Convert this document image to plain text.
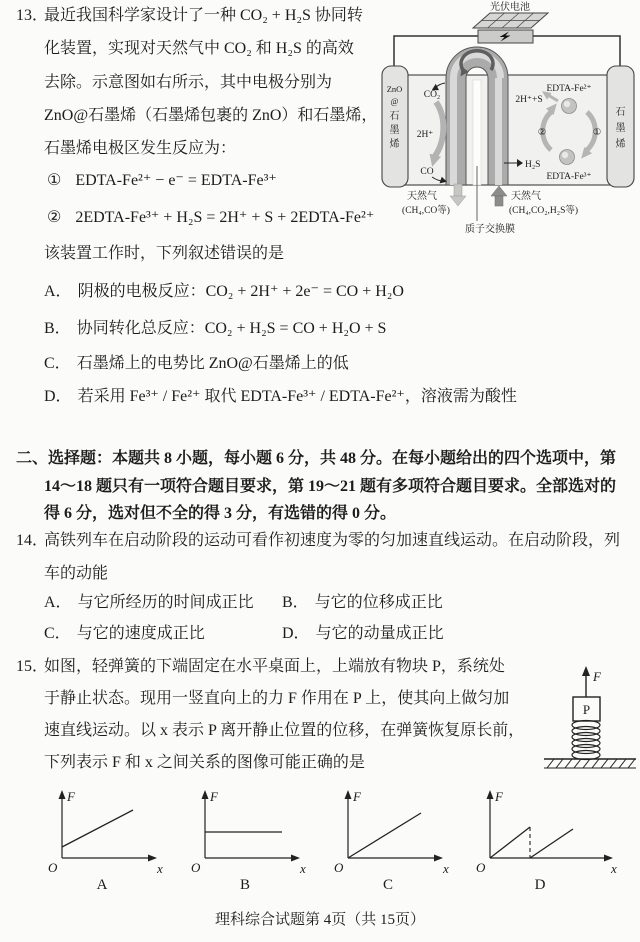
13．
最近我国科学家设计了一种 CO₂ + H₂S 协同转
化装置，实现对天然气中 CO₂ 和 H₂S 的高效
去除。示意图如右所示，其中电极分别为
ZnO@石墨烯（石墨烯包裹的 ZnO）和石墨烯，
石墨烯电极区发生反应为：
① EDTA-Fe²⁺ − e⁻ = EDTA-Fe³⁺
② 2EDTA-Fe³⁺ + H₂S = 2H⁺ + S + 2EDTA-Fe²⁺
该装置工作时，下列叙述错误的是
A． 阴极的电极反应：CO₂ + 2H⁺ + 2e⁻ = CO + H₂O
B． 协同转化总反应：CO₂ + H₂S = CO + H₂O + S
C． 石墨烯上的电势比 ZnO@石墨烯上的低
D． 若采用 Fe³⁺ / Fe²⁺ 取代 EDTA-Fe³⁺ / EDTA-Fe²⁺，溶液需为酸性
光伏电池
ZnO
@
石
墨
烯
石
墨
烯
CO₂
2H⁺
CO
EDTA-Fe²⁺
2H⁺+S
②	①
H₂S
EDTA-Fe³⁺
天然气
(CH₄,CO等)
天然气
(CH₄,CO₂,H₂S等)
质子交换膜
二、选择题：本题共 8 小题，每小题 6 分，共 48 分。在每小题给出的四个选项中，第
14～18 题只有一项符合题目要求，第 19～21 题有多项符合题目要求。全部选对的
得 6 分，选对但不全的得 3 分，有选错的得 0 分。
14．
高铁列车在启动阶段的运动可看作初速度为零的匀加速直线运动。在启动阶段，列
车的动能
A． 与它所经历的时间成正比 B． 与它的位移成正比
C． 与它的速度成正比	D． 与它的动量成正比
15．
如图，轻弹簧的下端固定在水平桌面上，上端放有物块 P，系统处
于静止状态。现用一竖直向上的力 F 作用在 P 上，使其向上做匀加
速直线运动。以 x 表示 P 离开静止位置的位移，在弹簧恢复原长前，
下列表示 F 和 x 之间关系的图像可能正确的是
F
P
F
x
O
A
F
x
O
B
F
x
O
C
F
x
O
D
理科综合试题第 4页（共 15页）
